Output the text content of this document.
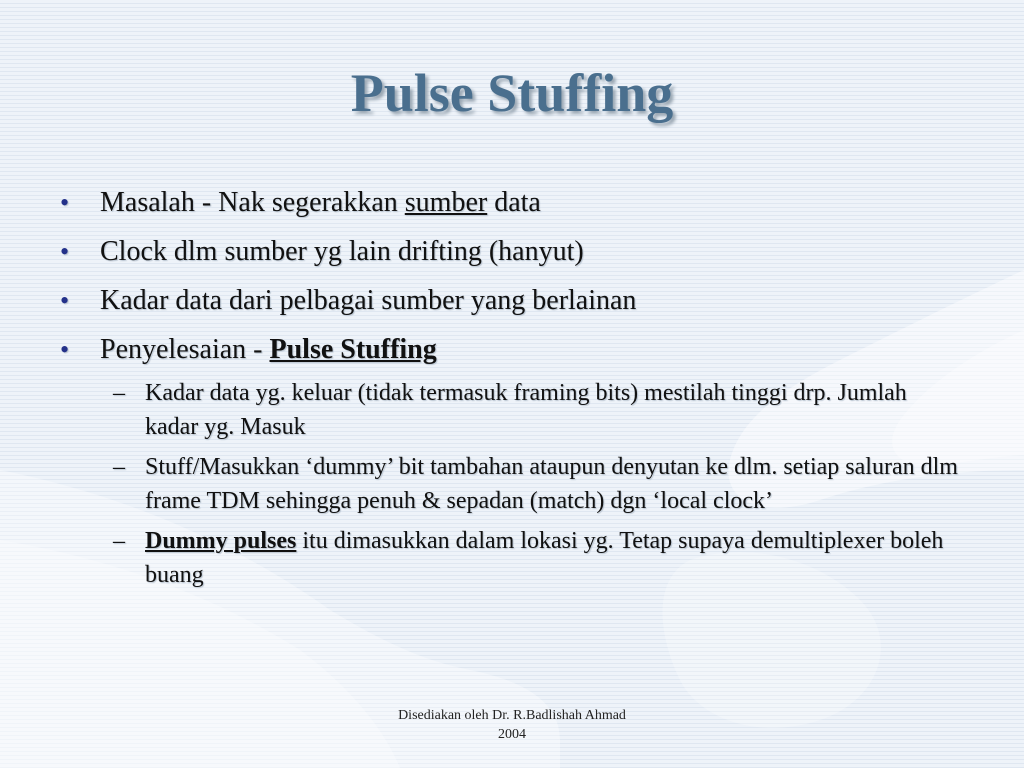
Pulse Stuffing
• Masalah - Nak segerakkan sumber data
• Clock dlm sumber yg lain drifting (hanyut)
• Kadar data dari pelbagai sumber yang berlainan
• Penyelesaian - Pulse Stuffing
– Kadar data yg. keluar (tidak termasuk framing bits) mestilah tinggi drp. Jumlah kadar yg. Masuk
– Stuff/Masukkan ‘dummy’ bit tambahan ataupun denyutan ke dlm. setiap saluran dlm frame TDM sehingga penuh & sepadan (match) dgn ‘local clock’
– Dummy pulses itu dimasukkan dalam lokasi yg. Tetap supaya demultiplexer boleh buang
Disediakan oleh Dr. R.Badlishah Ahmad
2004
